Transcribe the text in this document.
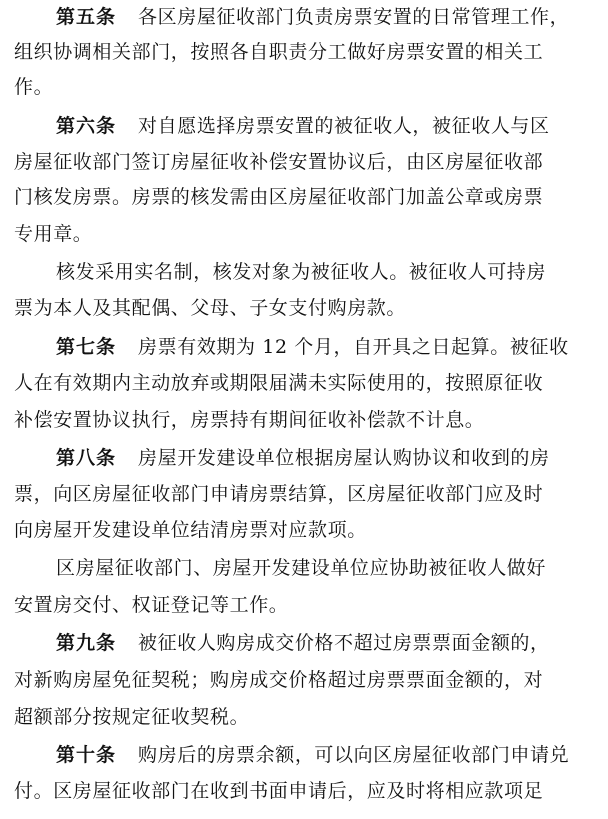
第五条 各区房屋征收部门负责房票安置的日常管理工作，
组织协调相关部门，按照各自职责分工做好房票安置的相关工
作。
第六条 对自愿选择房票安置的被征收人，被征收人与区
房屋征收部门签订房屋征收补偿安置协议后，由区房屋征收部
门核发房票。房票的核发需由区房屋征收部门加盖公章或房票
专用章。
核发采用实名制，核发对象为被征收人。被征收人可持房
票为本人及其配偶、父母、子女支付购房款。
第七条 房票有效期为 12 个月，自开具之日起算。被征收
人在有效期内主动放弃或期限届满未实际使用的，按照原征收
补偿安置协议执行，房票持有期间征收补偿款不计息。
第八条 房屋开发建设单位根据房屋认购协议和收到的房
票，向区房屋征收部门申请房票结算，区房屋征收部门应及时
向房屋开发建设单位结清房票对应款项。
区房屋征收部门、房屋开发建设单位应协助被征收人做好
安置房交付、权证登记等工作。
第九条 被征收人购房成交价格不超过房票票面金额的，
对新购房屋免征契税；购房成交价格超过房票票面金额的，对
超额部分按规定征收契税。
第十条 购房后的房票余额，可以向区房屋征收部门申请兑
付。区房屋征收部门在收到书面申请后，应及时将相应款项足
